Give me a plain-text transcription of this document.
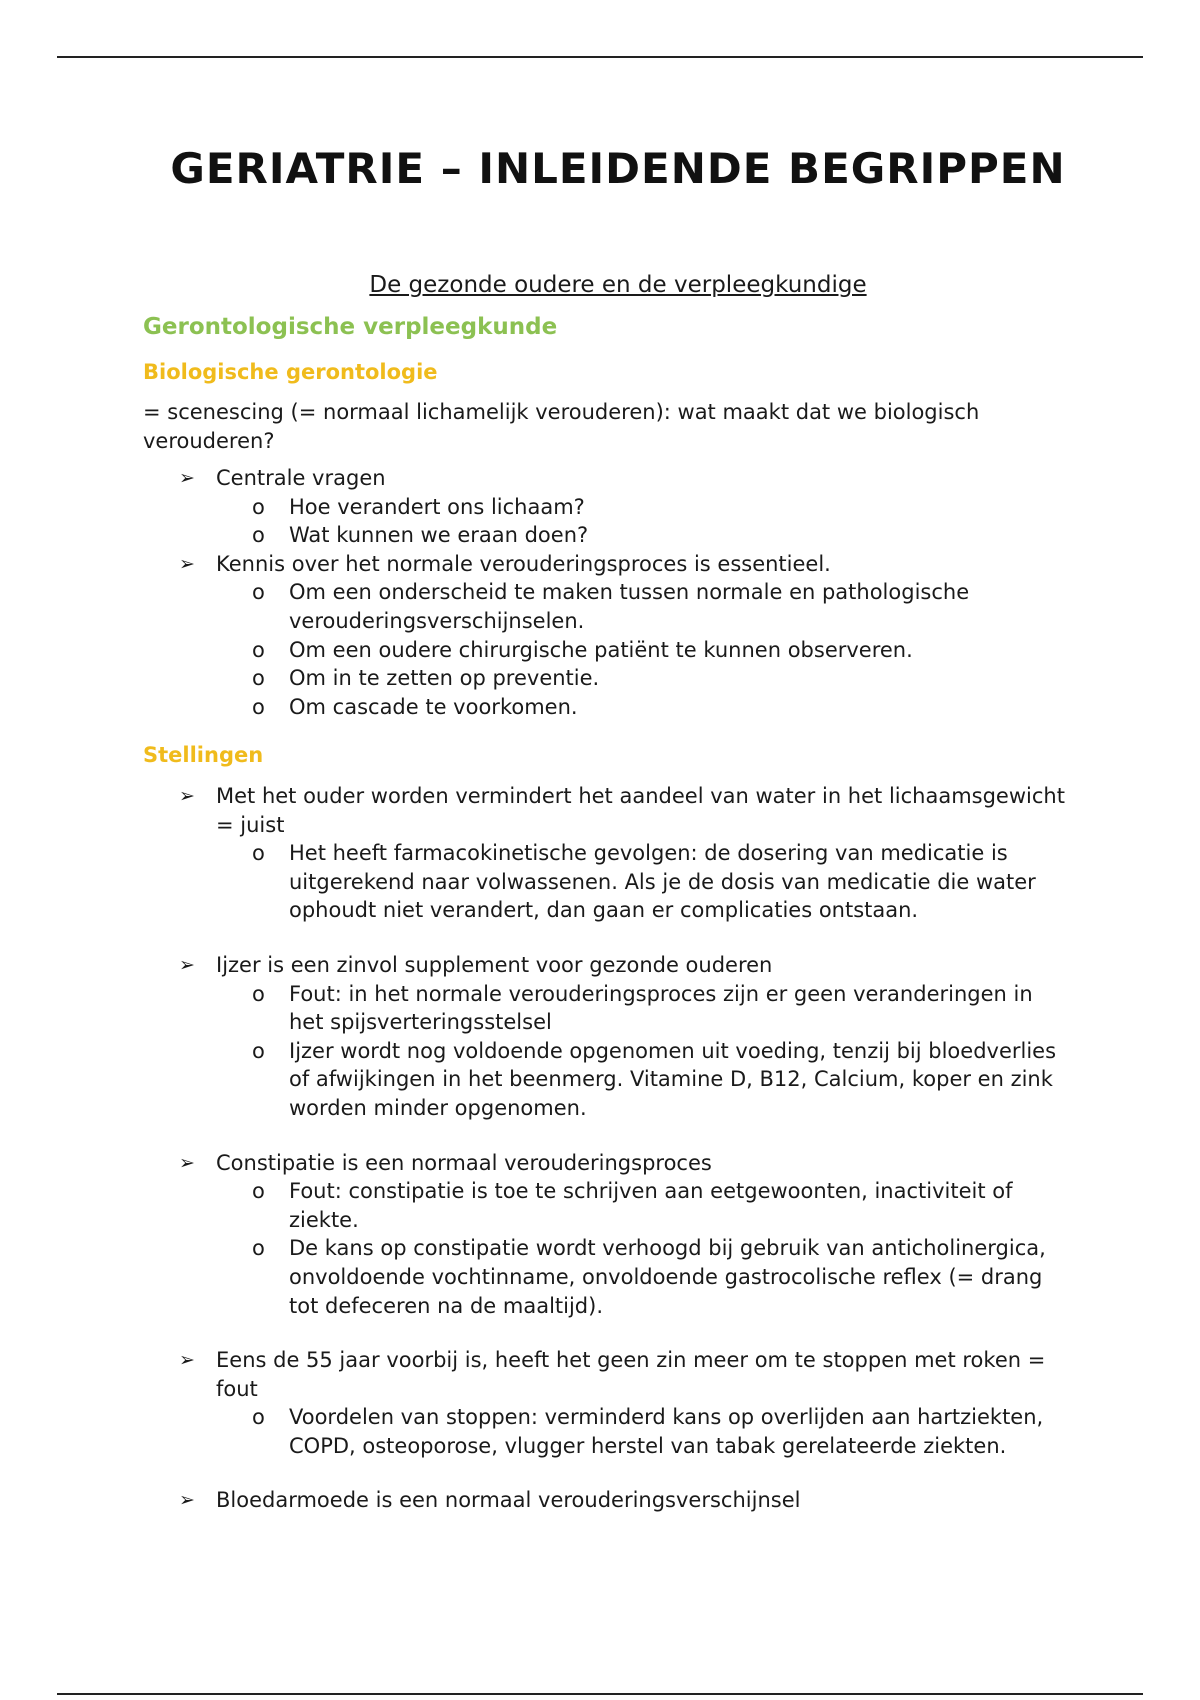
GERIATRIE – INLEIDENDE BEGRIPPEN

De gezonde oudere en de verpleegkundige

Gerontologische verpleegkunde
Biologische gerontologie

= scenescing (= normaal lichamelijk verouderen): wat maakt dat we biologisch verouderen?

➢ Centrale vragen
o Hoe verandert ons lichaam?
o Wat kunnen we eraan doen?
➢ Kennis over het normale verouderingsproces is essentieel.
o Om een onderscheid te maken tussen normale en pathologische verouderingsverschijnselen.
o Om een oudere chirurgische patiënt te kunnen observeren.
o Om in te zetten op preventie.
o Om cascade te voorkomen.
Stellingen
➢ Met het ouder worden vermindert het aandeel van water in het lichaamsgewicht = juist
o Het heeft farmacokinetische gevolgen: de dosering van medicatie is uitgerekend naar volwassenen. Als je de dosis van medicatie die water ophoudt niet verandert, dan gaan er complicaties ontstaan.
➢ Ijzer is een zinvol supplement voor gezonde ouderen
o Fout: in het normale verouderingsproces zijn er geen veranderingen in het spijsverteringsstelsel
o Ijzer wordt nog voldoende opgenomen uit voeding, tenzij bij bloedverlies of afwijkingen in het beenmerg. Vitamine D, B12, Calcium, koper en zink worden minder opgenomen.
➢ Constipatie is een normaal verouderingsproces
o Fout: constipatie is toe te schrijven aan eetgewoonten, inactiviteit of ziekte.
o De kans op constipatie wordt verhoogd bij gebruik van anticholinergica, onvoldoende vochtinname, onvoldoende gastrocolische reflex (= drang tot defeceren na de maaltijd).
➢ Eens de 55 jaar voorbij is, heeft het geen zin meer om te stoppen met roken = fout
o Voordelen van stoppen: verminderd kans op overlijden aan hartziekten, COPD, osteoporose, vlugger herstel van tabak gerelateerde ziekten.
➢ Bloedarmoede is een normaal verouderingsverschijnsel
